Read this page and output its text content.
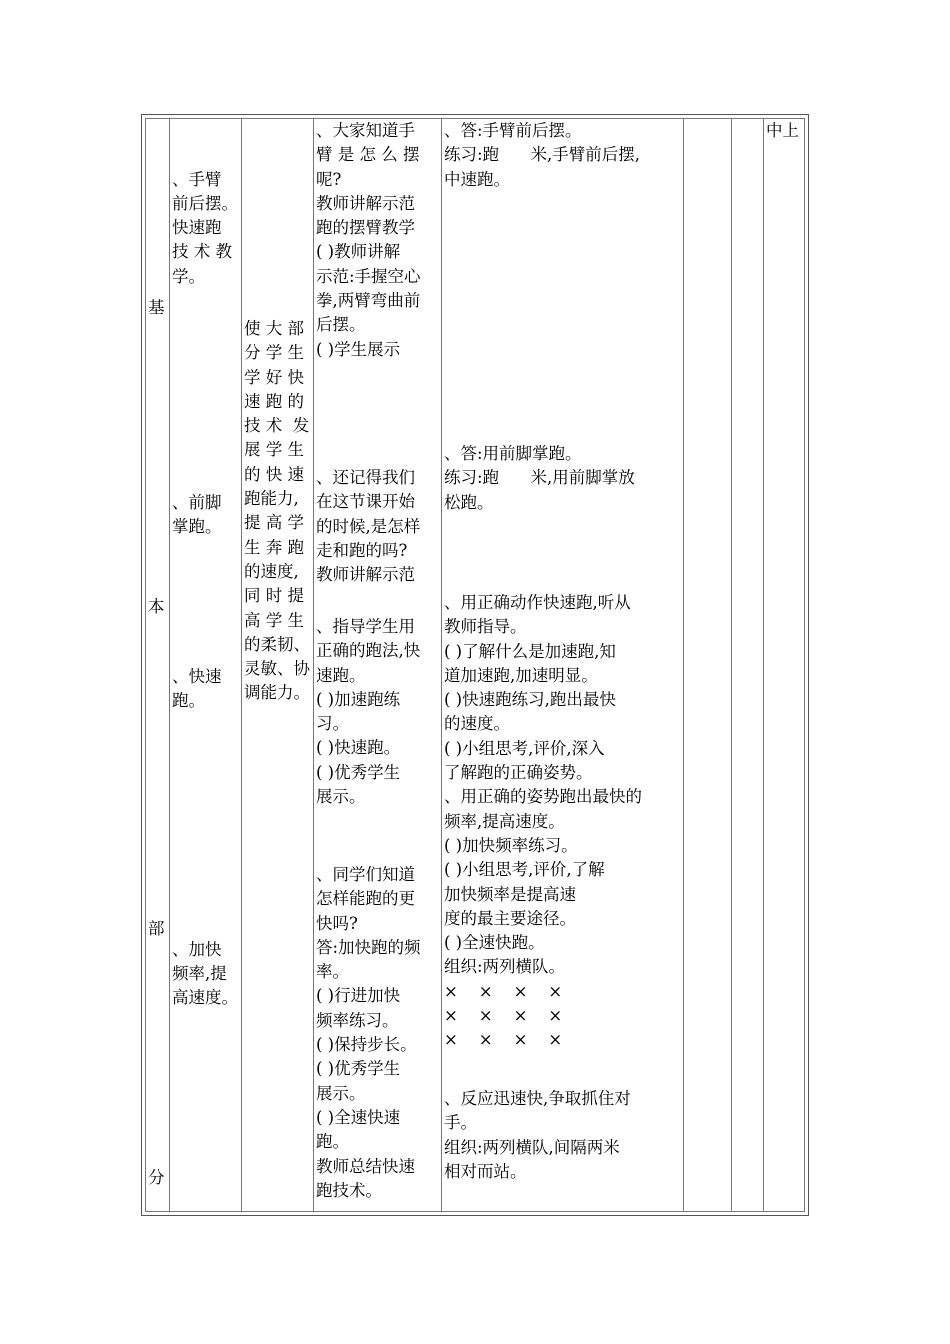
基
本
部
分

、手臂
前后摆。
快速跑
技 术 教
学。

、前脚
掌跑。

、快速
跑。

、加快
频率,提
高速度。

使 大 部
分 学 生
学 好 快
速 跑 的
技 术  发
展 学 生
的 快 速
跑能力,
提 高 学
生 奔 跑
的速度,
同 时 提
高 学 生
的柔韧、
灵敏、协
调能力。
、大家知道手
臂 是 怎 么 摆
呢?
教师讲解示范
跑的摆臂教学
( )教师讲解
示范:手握空心
拳,两臂弯曲前
后摆。
( )学生展示
、还记得我们
在这节课开始
的时候,是怎样
走和跑的吗?
教师讲解示范
、指导学生用
正确的跑法,快
速跑。
( )加速跑练
习。
( )快速跑。
( )优秀学生
展示。
、同学们知道
怎样能跑的更
快吗?
答:加快跑的频
率。
( )行进加快
频率练习。
( )保持步长。
( )优秀学生
展示。
( )全速快速
跑。
教师总结快速
跑技术。
、答:手臂前后摆。
练习:跑      米,手臂前后摆,
中速跑。
、答:用前脚掌跑。
练习:跑      米,用前脚掌放
松跑。
、用正确动作快速跑,听从
教师指导。
( )了解什么是加速跑,知
道加速跑,加速明显。
( )快速跑练习,跑出最快
的速度。
( )小组思考,评价,深入
了解跑的正确姿势。
、用正确的姿势跑出最快的
频率,提高速度。
( )加快频率练习。
( )小组思考,评价,了解
加快频率是提高速
度的最主要途径。
( )全速快跑。
组织:两列横队。
×    ×    ×    ×
×    ×    ×    ×
×    ×    ×    ×
、反应迅速快,争取抓住对
手。
组织:两列横队,间隔两米
相对而站。
中上
